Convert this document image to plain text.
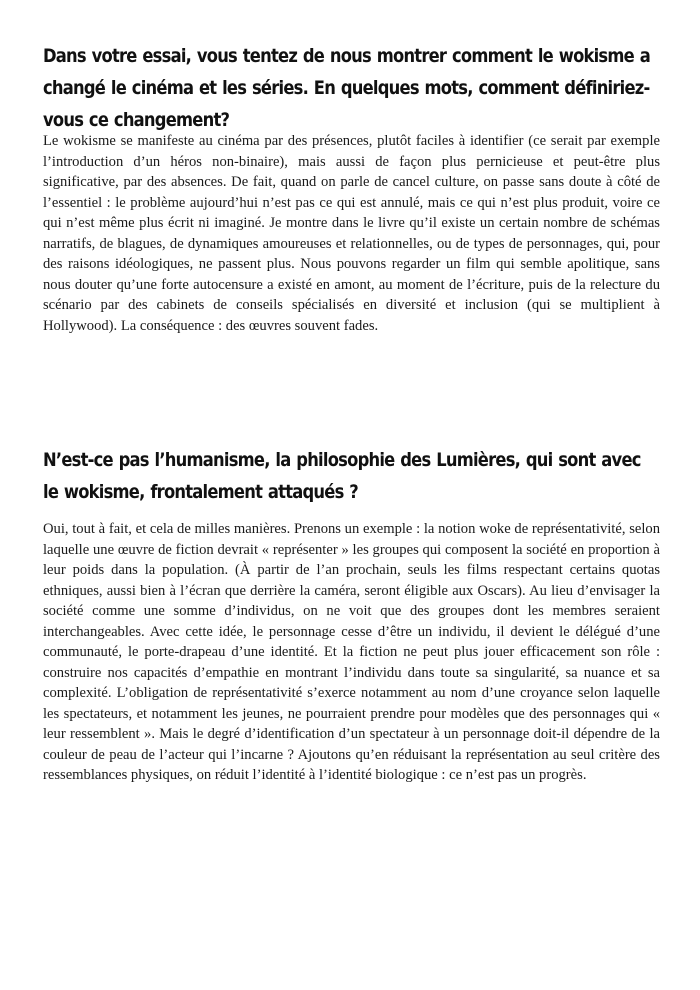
Dans votre essai, vous tentez de nous montrer comment le wokisme a changé le cinéma et les séries. En quelques mots, comment définiriez-vous ce changement?

Le wokisme se manifeste au cinéma par des présences, plutôt faciles à identifier (ce serait par exemple l’introduction d’un héros non-binaire), mais aussi de façon plus pernicieuse et peut-être plus significative, par des absences. De fait, quand on parle de cancel culture, on passe sans doute à côté de l’essentiel : le problème aujourd’hui n’est pas ce qui est annulé, mais ce qui n’est plus produit, voire ce qui n’est même plus écrit ni imaginé. Je montre dans le livre qu’il existe un certain nombre de schémas narratifs, de blagues, de dynamiques amoureuses et relationnelles, ou de types de personnages, qui, pour des raisons idéologiques, ne passent plus. Nous pouvons regarder un film qui semble apolitique, sans nous douter qu’une forte autocensure a existé en amont, au moment de l’écriture, puis de la relecture du scénario par des cabinets de conseils spécialisés en diversité et inclusion (qui se multiplient à Hollywood). La conséquence : des œuvres souvent fades.

N’est-ce pas l’humanisme, la philosophie des Lumières, qui sont avec le wokisme, frontalement attaqués ?

Oui, tout à fait, et cela de milles manières. Prenons un exemple : la notion woke de représentativité, selon laquelle une œuvre de fiction devrait « représenter » les groupes qui composent la société en proportion à leur poids dans la population. (À partir de l’an prochain, seuls les films respectant certains quotas ethniques, aussi bien à l’écran que derrière la caméra, seront éligible aux Oscars). Au lieu d’envisager la société comme une somme d’individus, on ne voit que des groupes dont les membres seraient interchangeables. Avec cette idée, le personnage cesse d’être un individu, il devient le délégué d’une communauté, le porte-drapeau d’une identité. Et la fiction ne peut plus jouer efficacement son rôle : construire nos capacités d’empathie en montrant l’individu dans toute sa singularité, sa nuance et sa complexité. L’obligation de représentativité s’exerce notamment au nom d’une croyance selon laquelle les spectateurs, et notamment les jeunes, ne pourraient prendre pour modèles que des personnages qui « leur ressemblent ». Mais le degré d’identification d’un spectateur à un personnage doit-il dépendre de la couleur de peau de l’acteur qui l’incarne ? Ajoutons qu’en réduisant la représentation au seul critère des ressemblances physiques, on réduit l’identité à l’identité biologique : ce n’est pas un progrès.
